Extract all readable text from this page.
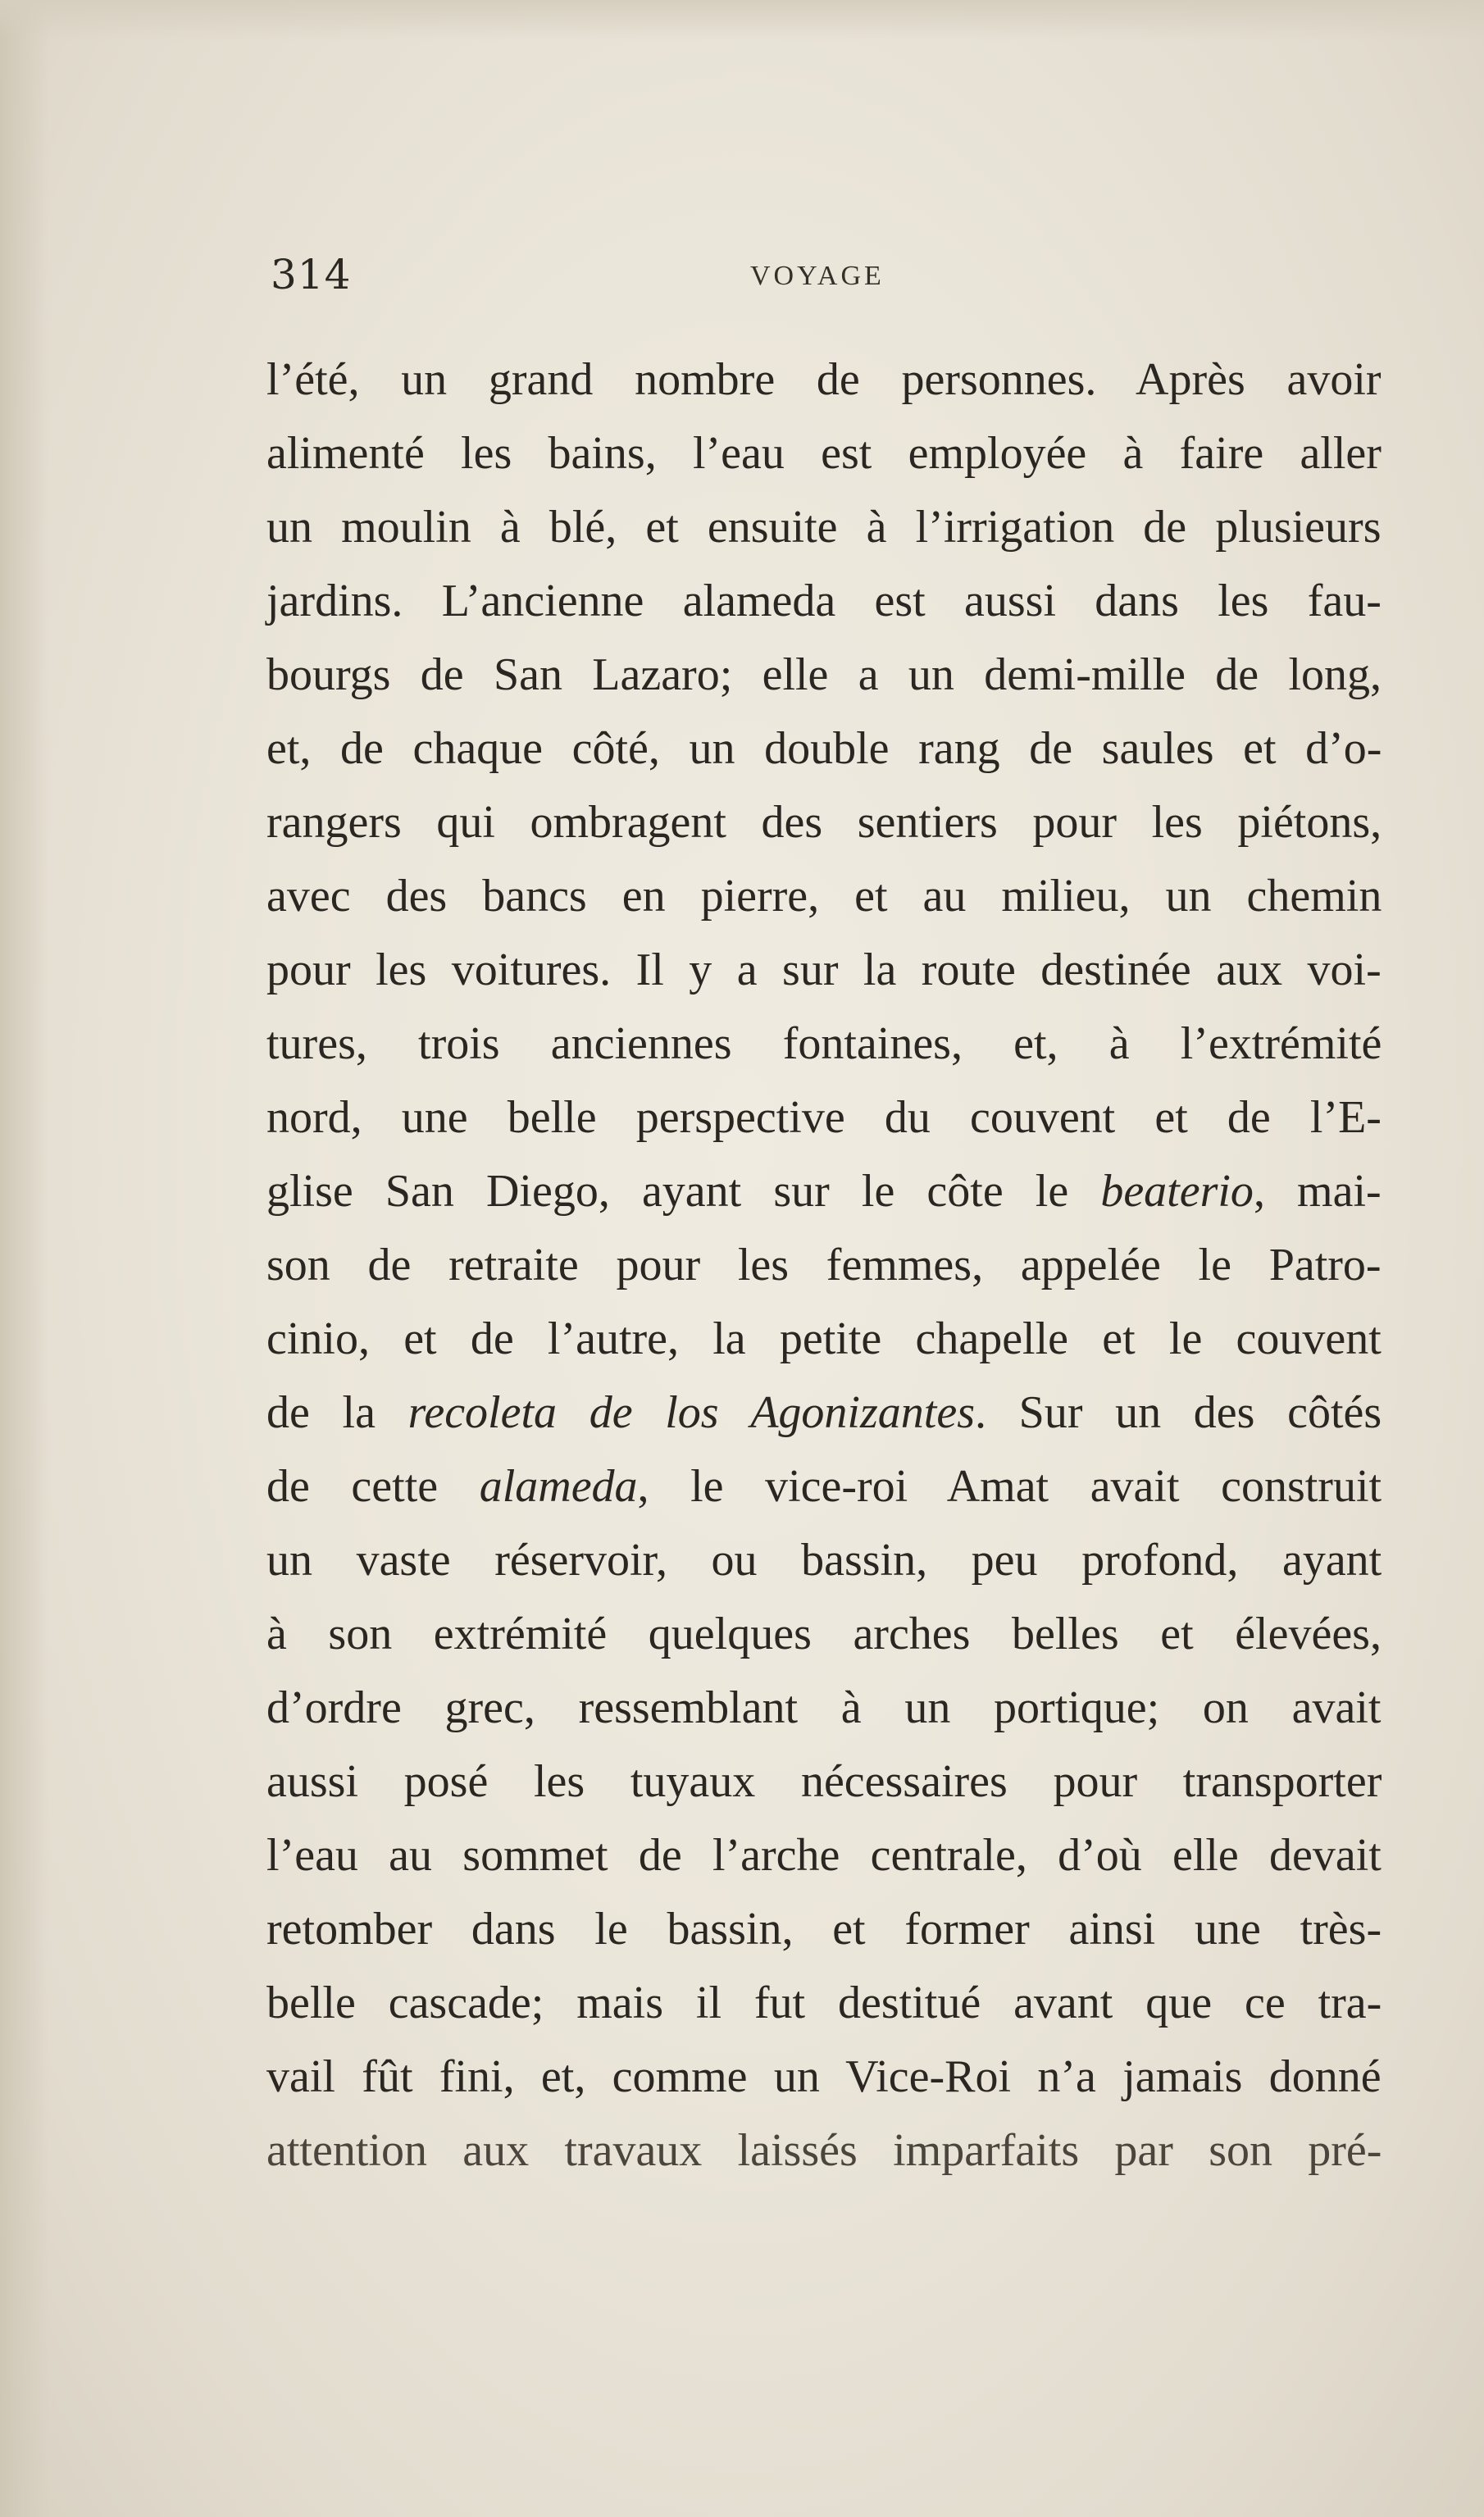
314	VOYAGE
l’été, un grand nombre de personnes. Après avoir
alimenté les bains, l’eau est employée à faire aller
un moulin à blé, et ensuite à l’irrigation de plusieurs
jardins. L’ancienne alameda est aussi dans les fau-
bourgs de San Lazaro; elle a un demi-mille de long,
et, de chaque côté, un double rang de saules et d’o-
rangers qui ombragent des sentiers pour les piétons,
avec des bancs en pierre, et au milieu, un chemin
pour les voitures. Il y a sur la route destinée aux voi-
tures, trois anciennes fontaines, et, à l’extrémité
nord, une belle perspective du couvent et de l’E-
glise San Diego, ayant sur le côte le beaterio, mai-
son de retraite pour les femmes, appelée le Patro-
cinio, et de l’autre, la petite chapelle et le couvent
de la recoleta de los Agonizantes. Sur un des côtés
de cette alameda, le vice-roi Amat avait construit
un vaste réservoir, ou bassin, peu profond, ayant
à son extrémité quelques arches belles et élevées,
d’ordre grec, ressemblant à un portique; on avait
aussi posé les tuyaux nécessaires pour transporter
l’eau au sommet de l’arche centrale, d’où elle devait
retomber dans le bassin, et former ainsi une très-
belle cascade; mais il fut destitué avant que ce tra-
vail fût fini, et, comme un Vice-Roi n’a jamais donné
attention aux travaux laissés imparfaits par son pré-
